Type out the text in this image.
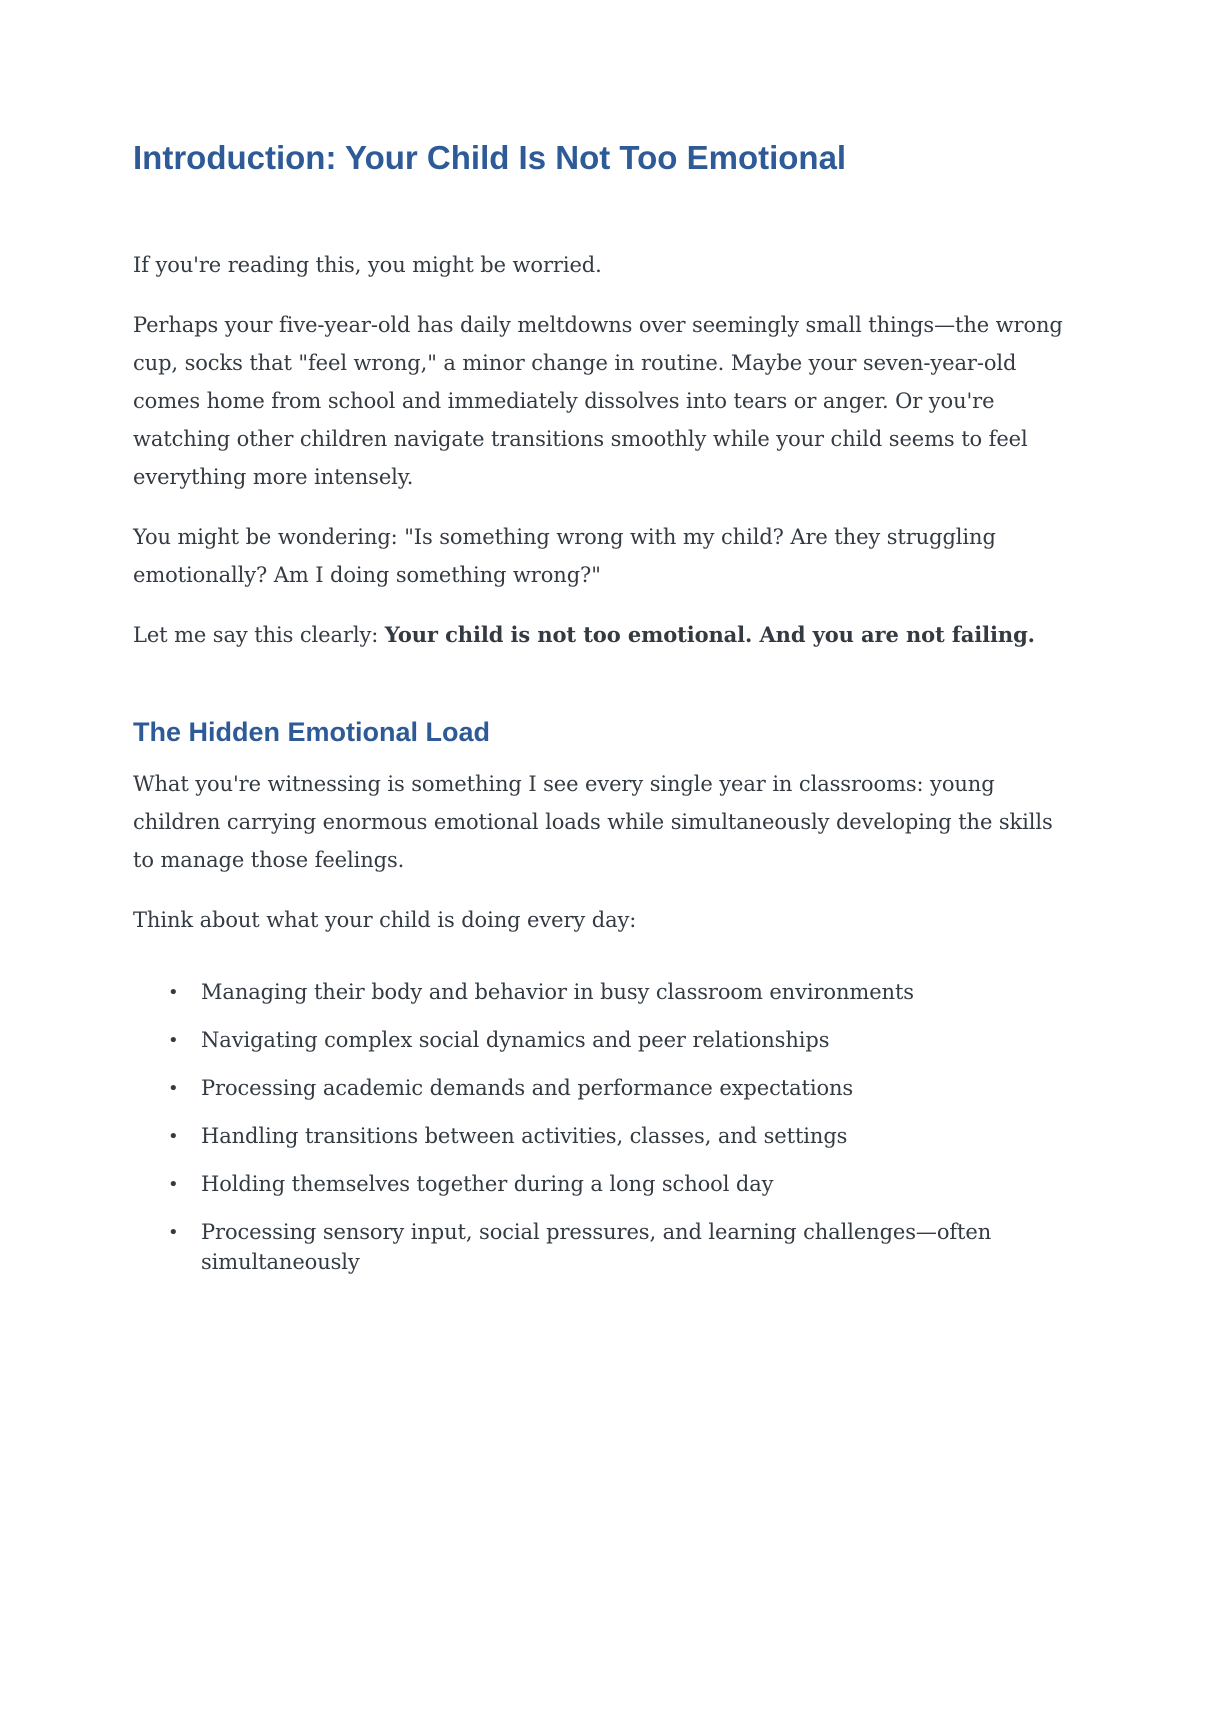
Introduction: Your Child Is Not Too Emotional

If you're reading this, you might be worried.

Perhaps your five-year-old has daily meltdowns over seemingly small things—the wrong cup, socks that "feel wrong," a minor change in routine. Maybe your seven-year-old comes home from school and immediately dissolves into tears or anger. Or you're watching other children navigate transitions smoothly while your child seems to feel everything more intensely.

You might be wondering: "Is something wrong with my child? Are they struggling emotionally? Am I doing something wrong?"

Let me say this clearly: Your child is not too emotional. And you are not failing.

The Hidden Emotional Load

What you're witnessing is something I see every single year in classrooms: young children carrying enormous emotional loads while simultaneously developing the skills to manage those feelings.

Think about what your child is doing every day:

• Managing their body and behavior in busy classroom environments
• Navigating complex social dynamics and peer relationships
• Processing academic demands and performance expectations
• Handling transitions between activities, classes, and settings
• Holding themselves together during a long school day
• Processing sensory input, social pressures, and learning challenges—often simultaneously
